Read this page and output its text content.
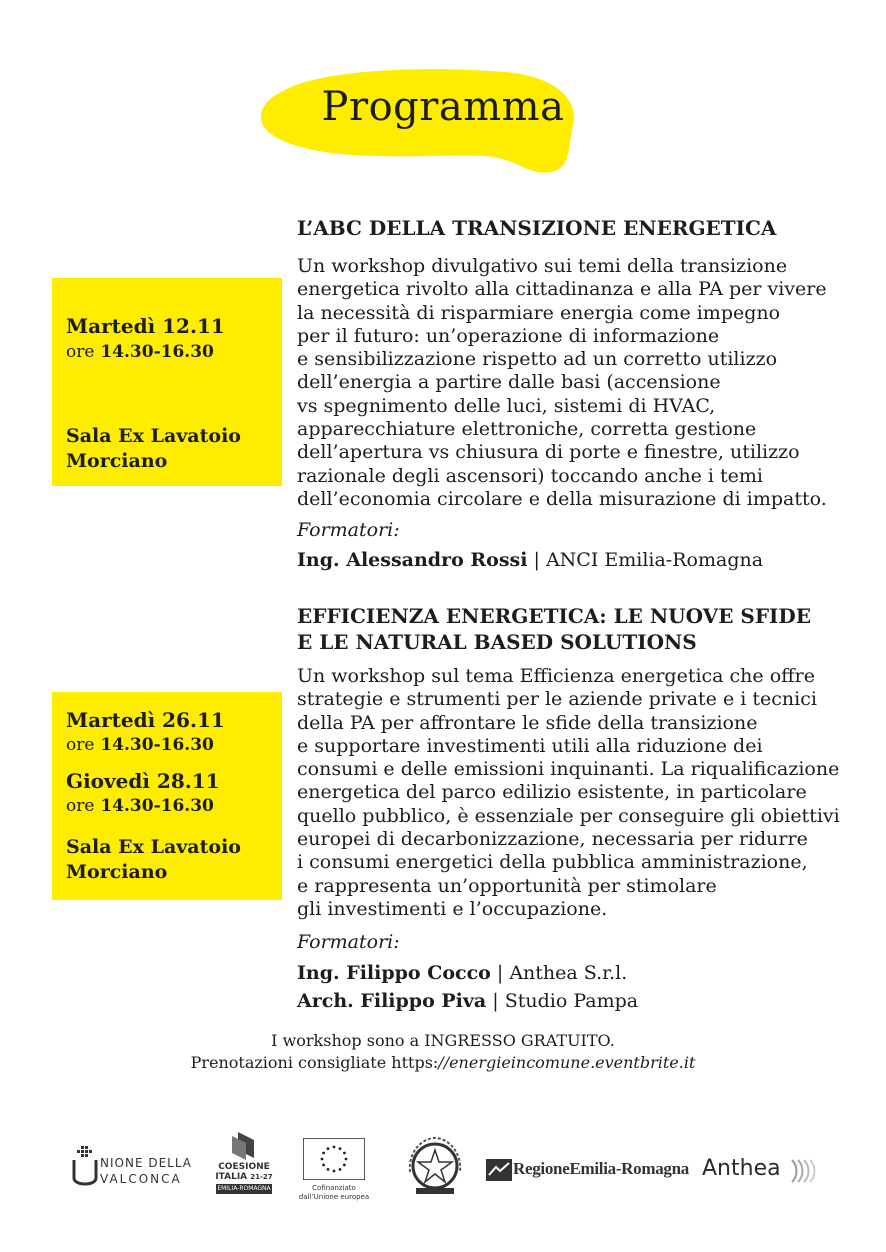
Programma
Martedì 12.11
ore 14.30-16.30
Sala Ex Lavatoio
Morciano
L’ABC DELLA TRANSIZIONE ENERGETICA

Un workshop divulgativo sui temi della transizione

energetica rivolto alla cittadinanza e alla PA per vivere

la necessità di risparmiare energia come impegno

per il futuro: un’operazione di informazione

e sensibilizzazione rispetto ad un corretto utilizzo

dell’energia a partire dalle basi (accensione

vs spegnimento delle luci, sistemi di HVAC,

apparecchiature elettroniche, corretta gestione

dell’apertura vs chiusura di porte e finestre, utilizzo

razionale degli ascensori) toccando anche i temi

dell’economia circolare e della misurazione di impatto.

Formatori:

Ing. Alessandro Rossi | ANCI Emilia-Romagna

Martedì 26.11
ore 14.30-16.30
Giovedì 28.11
ore 14.30-16.30
Sala Ex Lavatoio
Morciano
EFFICIENZA ENERGETICA: LE NUOVE SFIDE
E LE NATURAL BASED SOLUTIONS

Un workshop sul tema Efficienza energetica che offre

strategie e strumenti per le aziende private e i tecnici

della PA per affrontare le sfide della transizione

e supportare investimenti utili alla riduzione dei

consumi e delle emissioni inquinanti. La riqualificazione

energetica del parco edilizio esistente, in particolare

quello pubblico, è essenziale per conseguire gli obiettivi

europei di decarbonizzazione, necessaria per ridurre

i consumi energetici della pubblica amministrazione,

e rappresenta un’opportunità per stimolare

gli investimenti e l’occupazione.

Formatori:

Ing. Filippo Cocco | Anthea S.r.l.

Arch. Filippo Piva | Studio Pampa

I workshop sono a INGRESSO GRATUITO.
Prenotazioni consigliate https://energieincomune.eventbrite.it
NIONE DELLA
VALCONCA
COESIONE
ITALIA 21-27
EMILIA-ROMAGNA	Cofinanziato
dall’Unione europea
RegioneEmilia-Romagna Anthea
